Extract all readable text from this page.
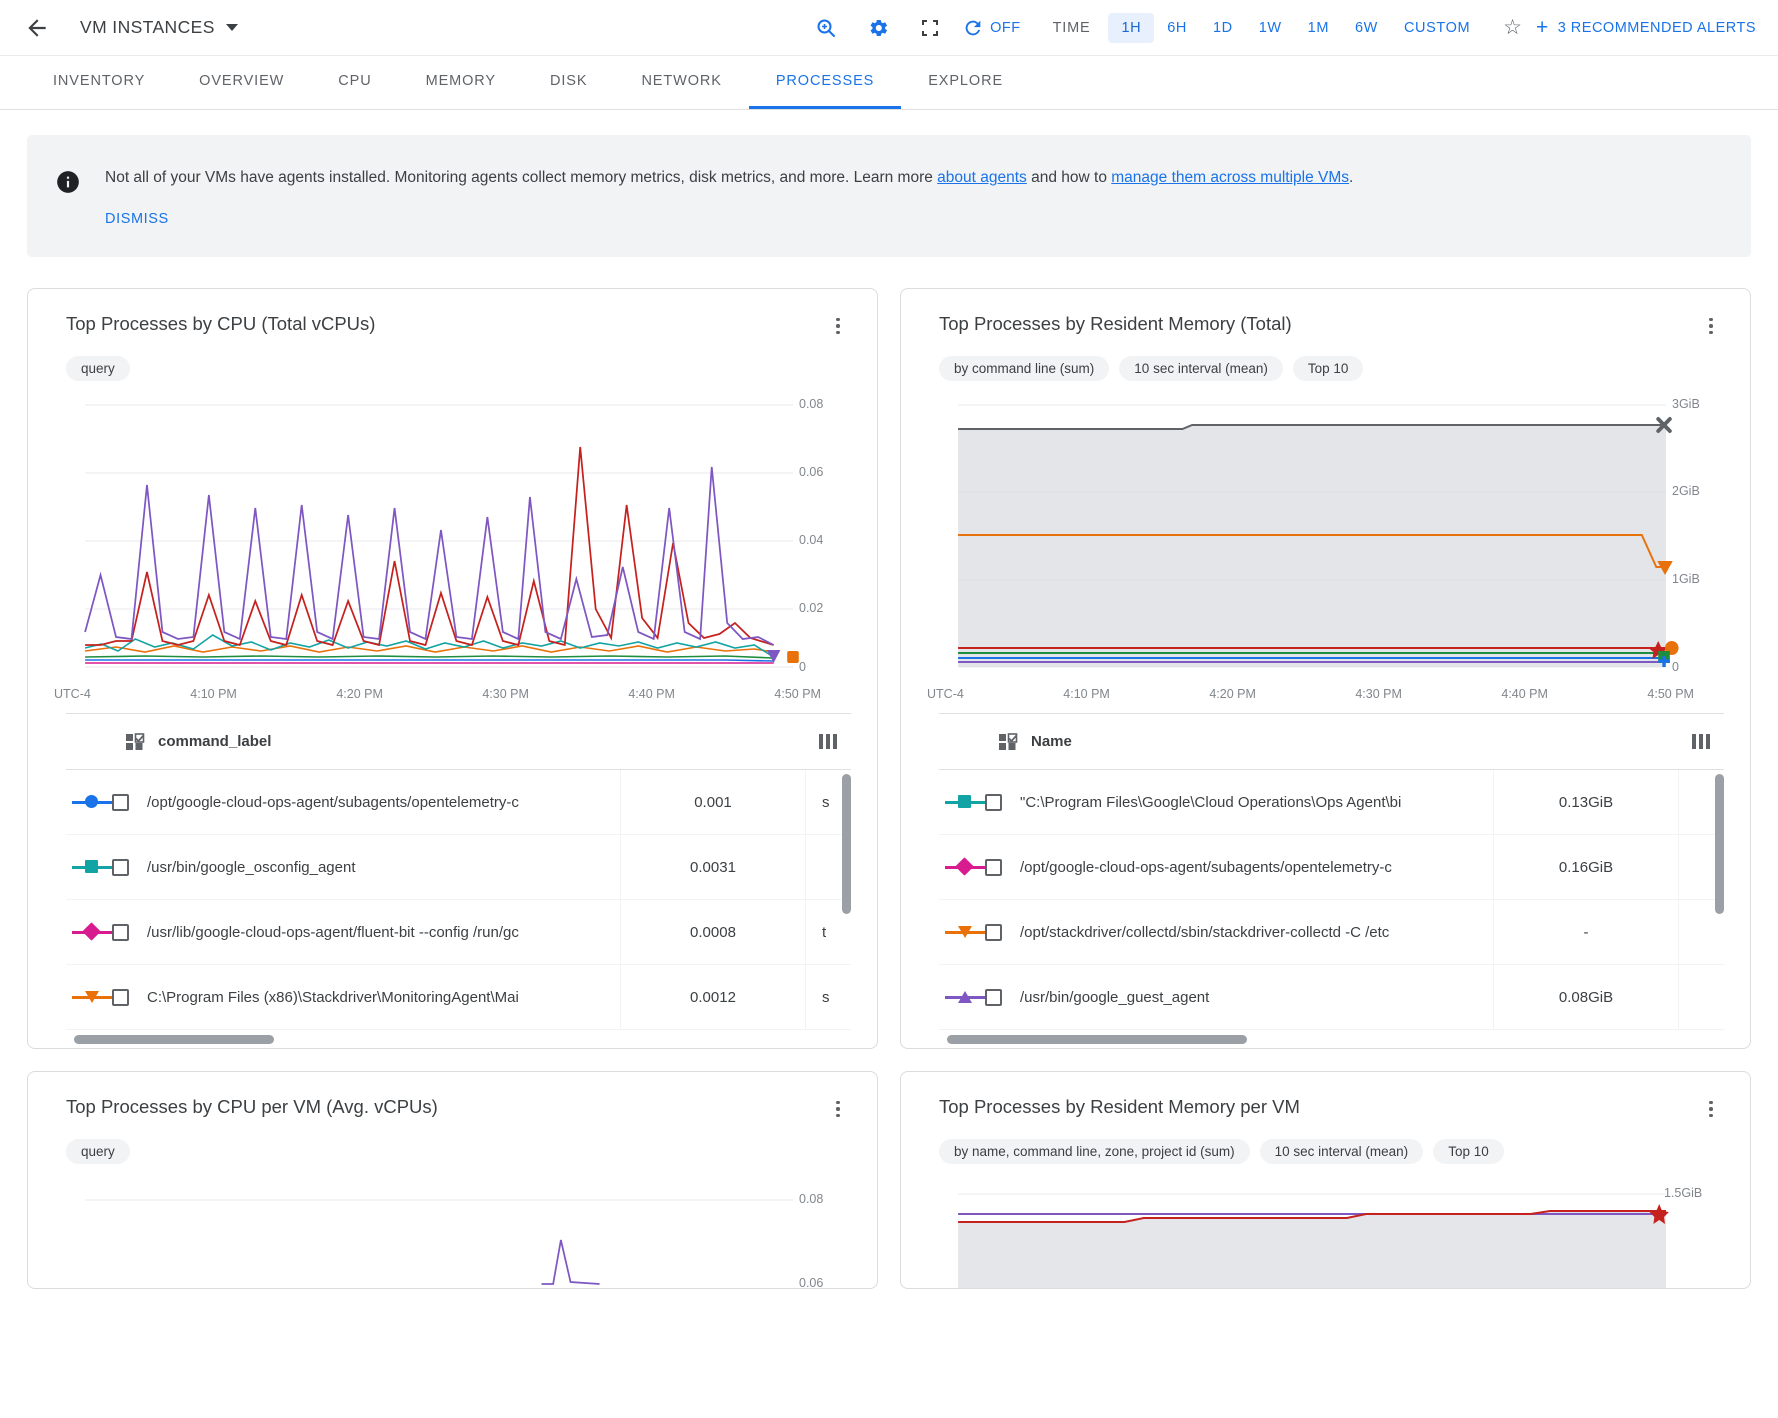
VM INSTANCES	OFF TIME	1H	6H	1D	1W	1M	6W	CUSTOM	☆ + 3 RECOMMENDED ALERTS
INVENTORY	OVERVIEW	CPU	MEMORY	DISK	NETWORK	PROCESSES	EXPLORE
Not all of your VMs have agents installed. Monitoring agents collect memory metrics, disk metrics, and more. Learn more about agents and how to manage them across multiple VMs.
DISMISS
Top Processes by CPU (Total vCPUs)
query
0.08
0.06
0.04
0.02
0
UTC-4	4:10 PM	4:20 PM	4:30 PM	4:40 PM	4:50 PM
command_label
/opt/google-cloud-ops-agent/subagents/opentelemetry-c	0.001	s
/usr/bin/google_osconfig_agent	0.0031
/usr/lib/google-cloud-ops-agent/fluent-bit --config /run/gc	0.0008	t
C:\Program Files (x86)\Stackdriver\MonitoringAgent\Mai	0.0012	s
Top Processes by Resident Memory (Total)
by command line (sum)	10 sec interval (mean)	Top 10
3GiB
2GiB
1GiB
0
UTC-4	4:10 PM	4:20 PM	4:30 PM	4:40 PM	4:50 PM
Name
"C:\Program Files\Google\Cloud Operations\Ops Agent\bi	0.13GiB
/opt/google-cloud-ops-agent/subagents/opentelemetry-c	0.16GiB
/opt/stackdriver/collectd/sbin/stackdriver-collectd -C /etc	-
/usr/bin/google_guest_agent	0.08GiB
Top Processes by CPU per VM (Avg. vCPUs)
query
0.08
0.06
Top Processes by Resident Memory per VM
by name, command line, zone, project id (sum)	10 sec interval (mean)	Top 10
1.5GiB
